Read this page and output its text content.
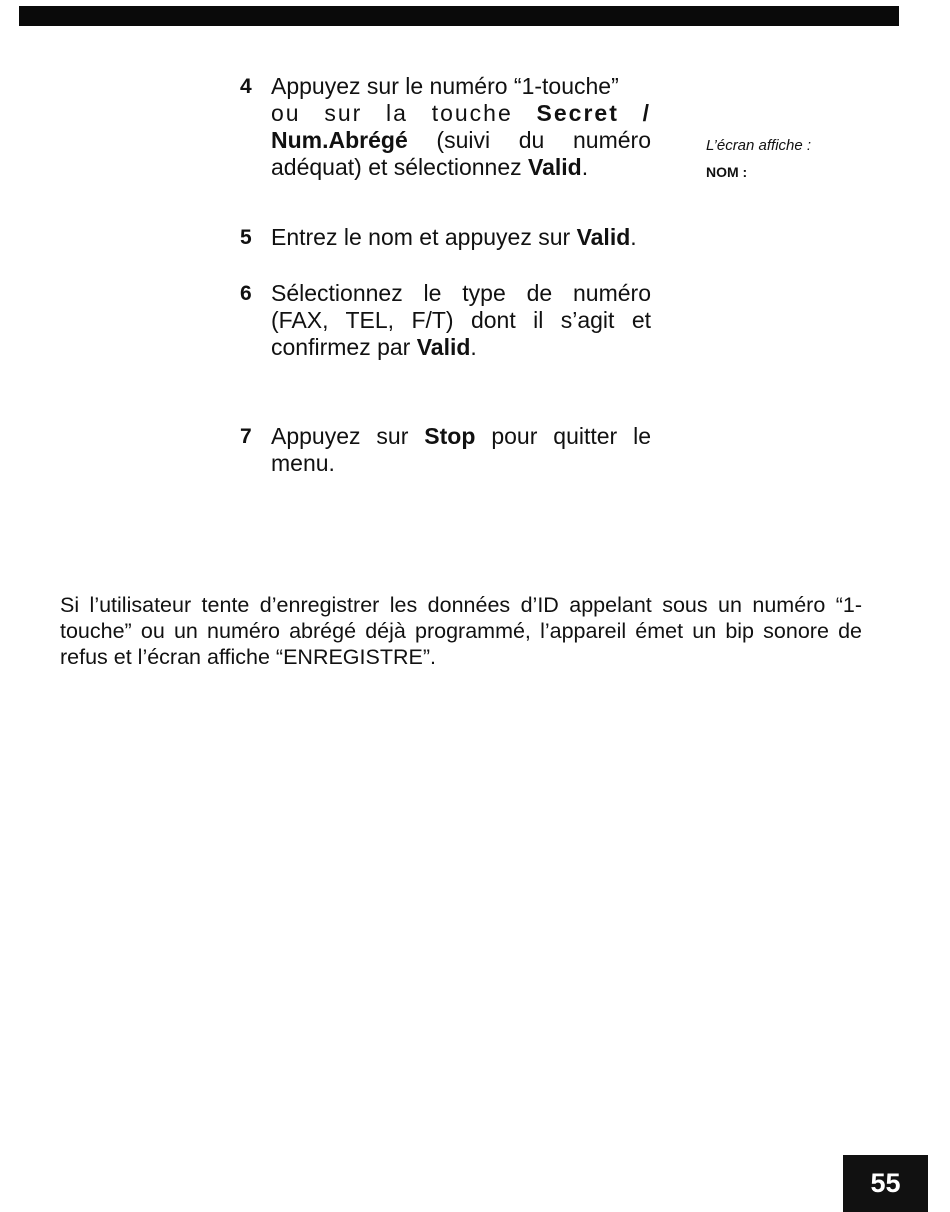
4 Appuyez sur le numéro “1-touche”
ou sur la touche Secret /
Num.Abrégé (suivi du numéro
adéquat) et sélectionnez Valid.
L’écran affiche :
NOM :
5 Entrez le nom et appuyez sur Valid.
6 Sélectionnez le type de numéro (FAX, TEL, F/T) dont il s’agit et confirmez par Valid.
7 Appuyez sur Stop pour quitter le menu.
Si l’utilisateur tente d’enregistrer les données d’ID appelant sous un numéro “1-touche” ou un numéro abrégé déjà programmé, l’appareil émet un bip sonore de refus et l’écran affiche “ENREGISTRE”.
55
